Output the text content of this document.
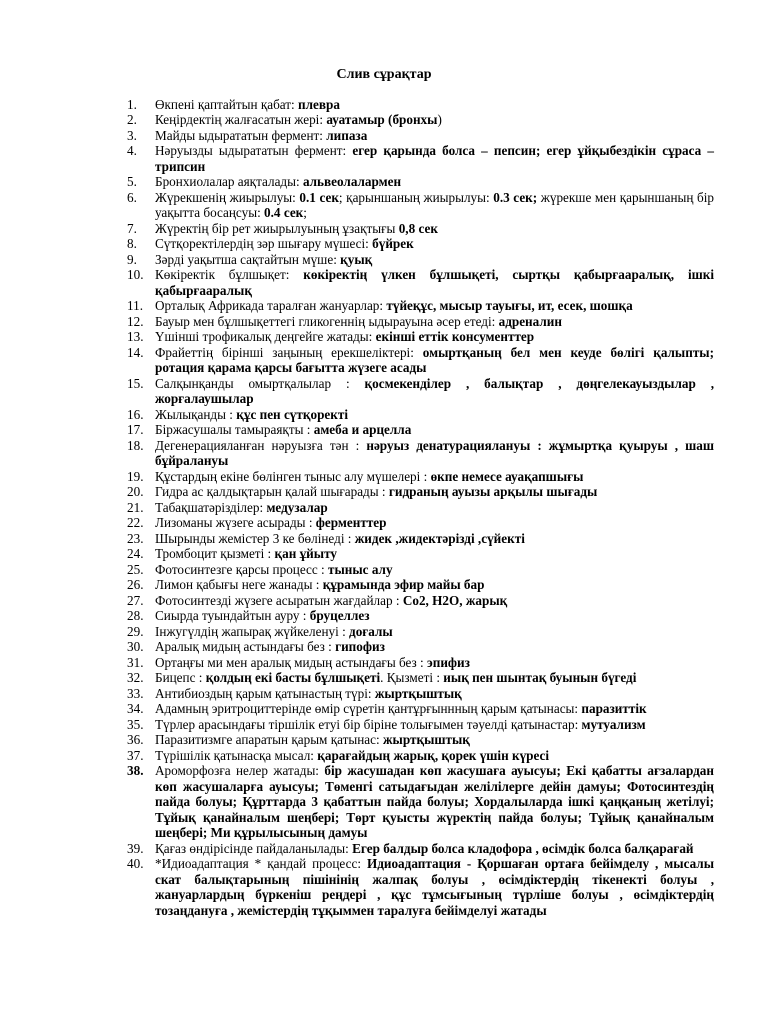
Слив сұрақтар
1. Өкпені қаптайтын қабат: плевра
2. Кеңірдектің жалғасатын жері: ауатамыр (бронхы)
3. Майды ыдырататын фермент: липаза
4. Нәруызды ыдырататын фермент: егер қарында болса – пепсин; егер ұйқыбездікін сұраса – трипсин
5. Бронхиолалар аяқталады: альвеолалармен
6. Жүрекшенің жиырылуы: 0.1 сек; қарыншаның жиырылуы: 0.3 сек; жүрекше мен қарыншаның бір уақытта босаңсуы: 0.4 сек;
7. Жүректің бір рет жиырылуының ұзақтығы 0,8 сек
8. Сүтқоректілердің зәр шығару мүшесі: бүйрек
9. Зәрді уақытша сақтайтын мүше: қуық
10. Көкіректік бұлшықет: көкіректің үлкен бұлшықеті, сыртқы қабырғааралық, ішкі қабырғааралық
11. Орталық Африкада таралған жануарлар: түйеқұс, мысыр тауығы, ит, есек, шошқа
12. Бауыр мен бұлшықеттегі гликогеннің ыдырауына әсер етеді: адреналин
13. Үшінші трофикалық деңгейге жатады: екінші еттік консументтер
14. Фрайеттің бірінші заңының ерекшеліктері: омыртқаның бел мен кеуде бөлігі қалыпты; ротация қарама қарсы бағытта жүзеге асады
15. Салқынқанды омыртқалылар : қосмекенділер , балықтар , дөңгелекауыздылар , жорғалаушылар
16. Жылықанды : құс пен сүтқоректі
17. Біржасушалы тамыраяқты : амеба и арцелла
18. Дегенерацияланған нәруызға тән : нәруыз денатурациялануы : жұмыртқа қуыруы , шаш бұйралануы
19. Құстардың екіне бөлінген тыныс алу мүшелері : өкпе немесе ауақапшығы
20. Гидра ас қалдықтарын қалай шығарады : гидраның ауызы арқылы шығады
21. Табақшатәрізділер: медузалар
22. Лизоманы жүзеге асырады : ферменттер
23. Шырынды жемістер 3 ке бөлінеді : жидек ,жидектәрізді ,сүйекті
24. Тромбоцит қызметі : қан ұйыту
25. Фотосинтезге қарсы процесс : тыныс алу
26. Лимон қабығы неге жанады : құрамында эфир майы бар
27. Фотосинтезді жүзеге асыратын жағдайлар : Co2, H2O, жарық
28. Сиырда туындайтын ауру : бруцеллез
29. Інжугүлдің жапырақ жүйкеленуі : доғалы
30. Аралық мидың астындағы без : гипофиз
31. Ортаңғы ми мен аралық мидың астындағы без : эпифиз
32. Бицепс : қолдың екі басты бұлшықеті. Қызметі : иық пен шынтақ буынын бүгеді
33. Антибиоздың қарым қатынастың түрі: жыртқыштық
34. Адамның эритроциттерінде өмір сүретін қантұрғыннның қарым қатынасы: паразиттік
35. Түрлер арасындағы тіршілік етуі бір біріне толығымен тәуелді қатынастар: мутуализм
36. Паразитизмге апаратын қарым қатынас: жыртқыштық
37. Түрішілік қатынасқа мысал: қарағайдың жарық, қорек үшін күресі
38. Ароморфозға нелер жатады: бір жасушадан көп жасушаға ауысуы; Екі қабатты ағзалардан көп жасушаларға ауысуы; Төменгі сатыдағыдан желілілерге дейін дамуы; Фотосинтездің пайда болуы; Құрттарда 3 қабаттын пайда болуы; Хордалыларда ішкі қаңқаның жетілуі; Тұйық қанайналым шеңбері; Төрт қуысты жүректің пайда болуы; Тұйық қанайналым шеңбері; Ми құрылысының дамуы
39. Қағаз өндірісінде пайдаланылады: Егер балдыр болса кладофора , өсімдік болса балқарағай
40. *Идиоадаптация * қандай процесс: Идиоадаптация - Қоршаған ортаға бейімделу , мысалы скат балықтарының пішінінің жалпақ болуы , өсімдіктердің тікенекті болуы , жануарлардың бүркеніш реңдері , құс тұмсығының түрліше болуы , өсімдіктердің тозаңдануға , жемістердің тұқыммен таралуға бейімделуі жатады
